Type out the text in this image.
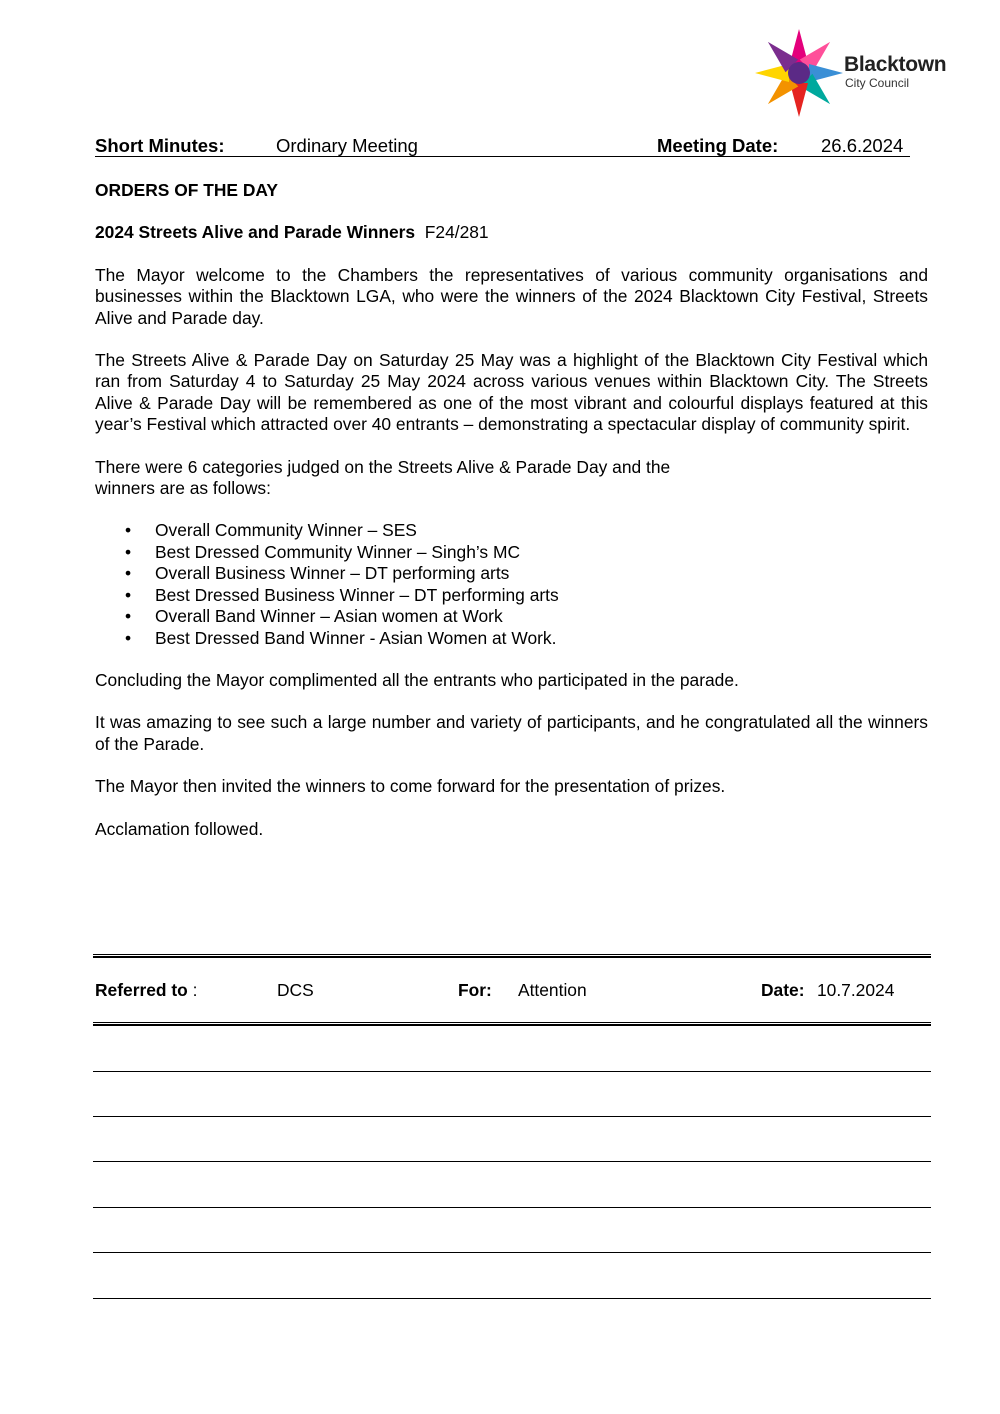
Blacktown
City Council
Short Minutes:	Ordinary Meeting	Meeting Date: 26.6.2024

ORDERS OF THE DAY

2024 Streets Alive and Parade Winners F24/281

The Mayor welcome to the Chambers the representatives of various community organisations and businesses within the Blacktown LGA, who were the winners of the 2024 Blacktown City Festival, Streets Alive and Parade day.

The Streets Alive & Parade Day on Saturday 25 May was a highlight of the Blacktown City Festival which ran from Saturday 4 to Saturday 25 May 2024 across various venues within Blacktown City. The Streets Alive & Parade Day will be remembered as one of the most vibrant and colourful displays featured at this year’s Festival which attracted over 40 entrants – demonstrating a spectacular display of community spirit.

There were 6 categories judged on the Streets Alive & Parade Day and the

winners are as follows:

• Overall Community Winner – SES
• Best Dressed Community Winner – Singh’s MC
• Overall Business Winner – DT performing arts
• Best Dressed Business Winner – DT performing arts
• Overall Band Winner – Asian women at Work
• Best Dressed Band Winner - Asian Women at Work.

Concluding the Mayor complimented all the entrants who participated in the parade.

It was amazing to see such a large number and variety of participants, and he congratulated all the winners of the Parade.

The Mayor then invited the winners to come forward for the presentation of prizes.

Acclamation followed.

Referred to :	DCS	For: Attention	Date: 10.7.2024
